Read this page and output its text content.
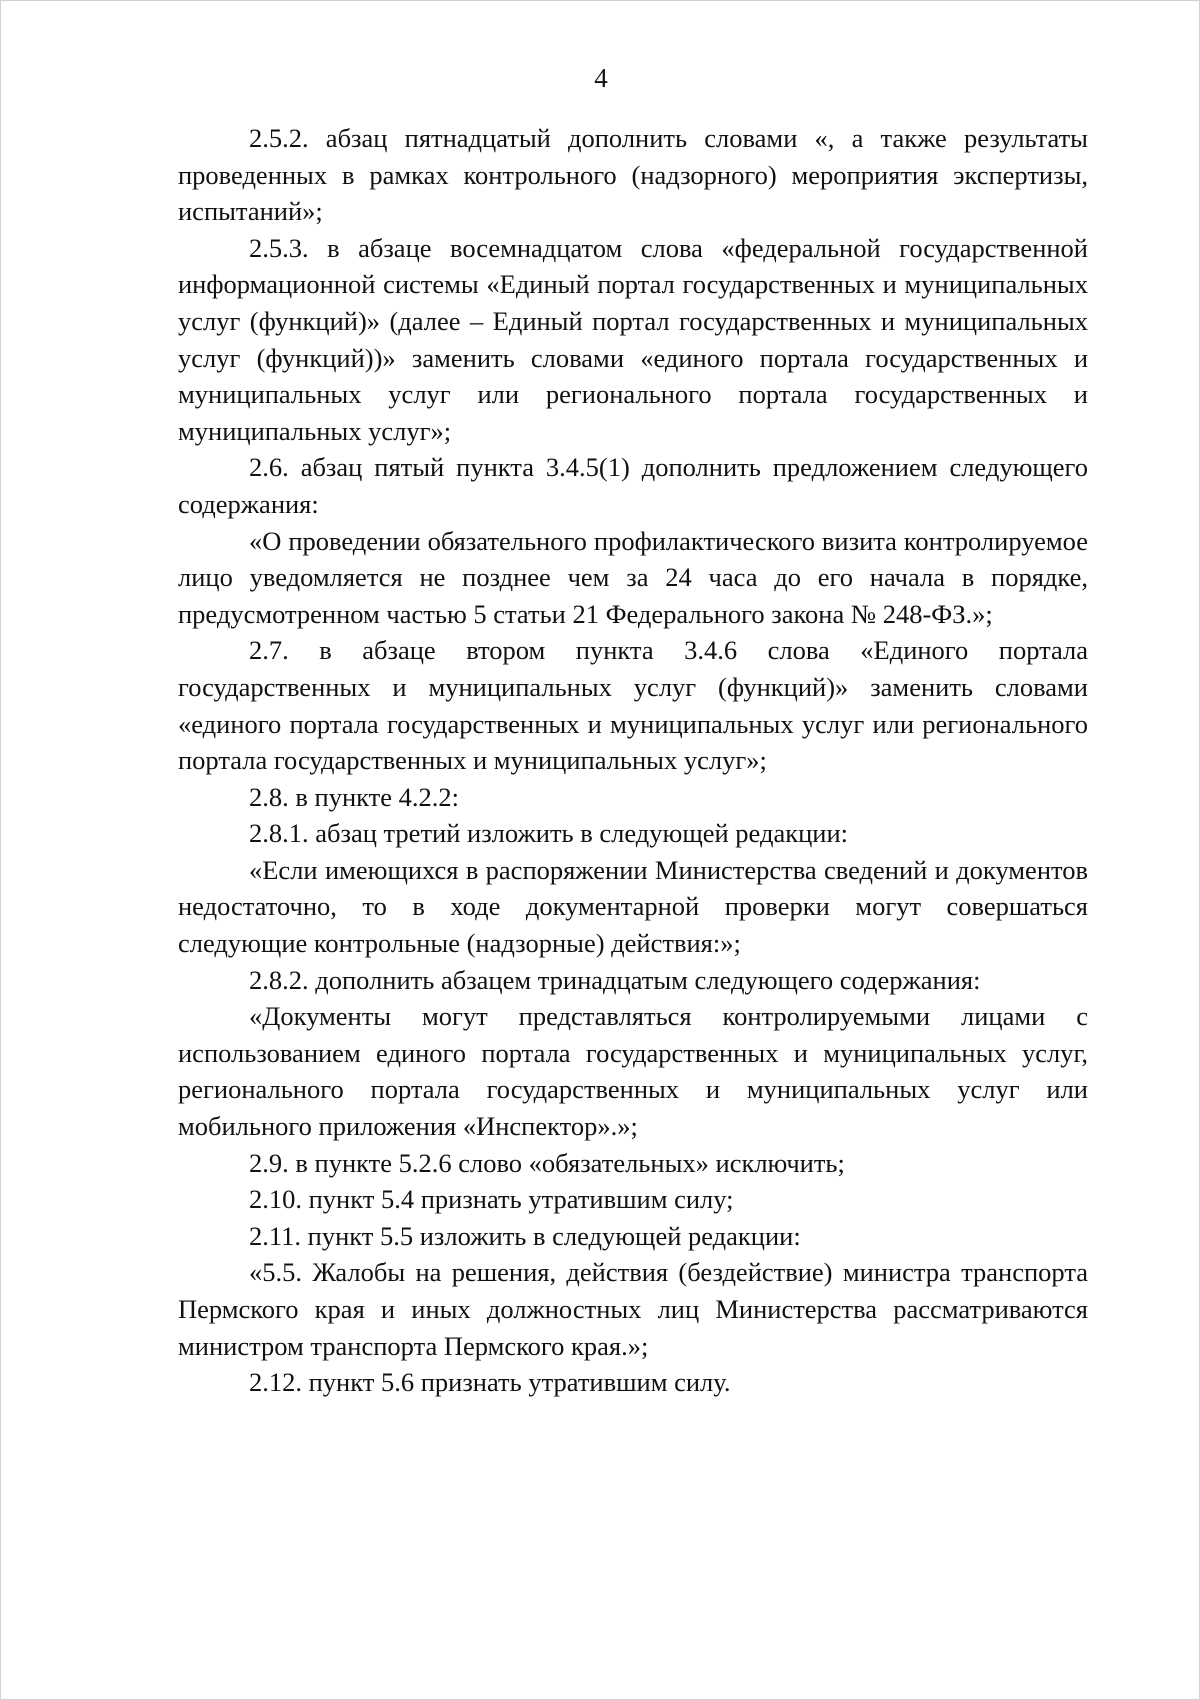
4

2.5.2. абзац пятнадцатый дополнить словами «, а также результаты проведенных в рамках контрольного (надзорного) мероприятия экспертизы, испытаний»;

2.5.3. в абзаце восемнадцатом слова «федеральной государственной информационной системы «Единый портал государственных и муниципальных услуг (функций)» (далее – Единый портал государственных и муниципальных услуг (функций))» заменить словами «единого портала государственных и муниципальных услуг или регионального портала государственных и муниципальных услуг»;

2.6. абзац пятый пункта 3.4.5(1) дополнить предложением следующего содержания:

«О проведении обязательного профилактического визита контролируемое лицо уведомляется не позднее чем за 24 часа до его начала в порядке, предусмотренном частью 5 статьи 21 Федерального закона № 248-ФЗ.»;

2.7. в абзаце втором пункта 3.4.6 слова «Единого портала государственных и муниципальных услуг (функций)» заменить словами «единого портала государственных и муниципальных услуг или регионального портала государственных и муниципальных услуг»;

2.8. в пункте 4.2.2:

2.8.1. абзац третий изложить в следующей редакции:

«Если имеющихся в распоряжении Министерства сведений и документов недостаточно, то в ходе документарной проверки могут совершаться следующие контрольные (надзорные) действия:»;

2.8.2. дополнить абзацем тринадцатым следующего содержания:

«Документы могут представляться контролируемыми лицами с использованием единого портала государственных и муниципальных услуг, регионального портала государственных и муниципальных услуг или мобильного приложения «Инспектор».»;

2.9. в пункте 5.2.6 слово «обязательных» исключить;

2.10. пункт 5.4 признать утратившим силу;

2.11. пункт 5.5 изложить в следующей редакции:

«5.5. Жалобы на решения, действия (бездействие) министра транспорта Пермского края и иных должностных лиц Министерства рассматриваются министром транспорта Пермского края.»;

2.12. пункт 5.6 признать утратившим силу.
